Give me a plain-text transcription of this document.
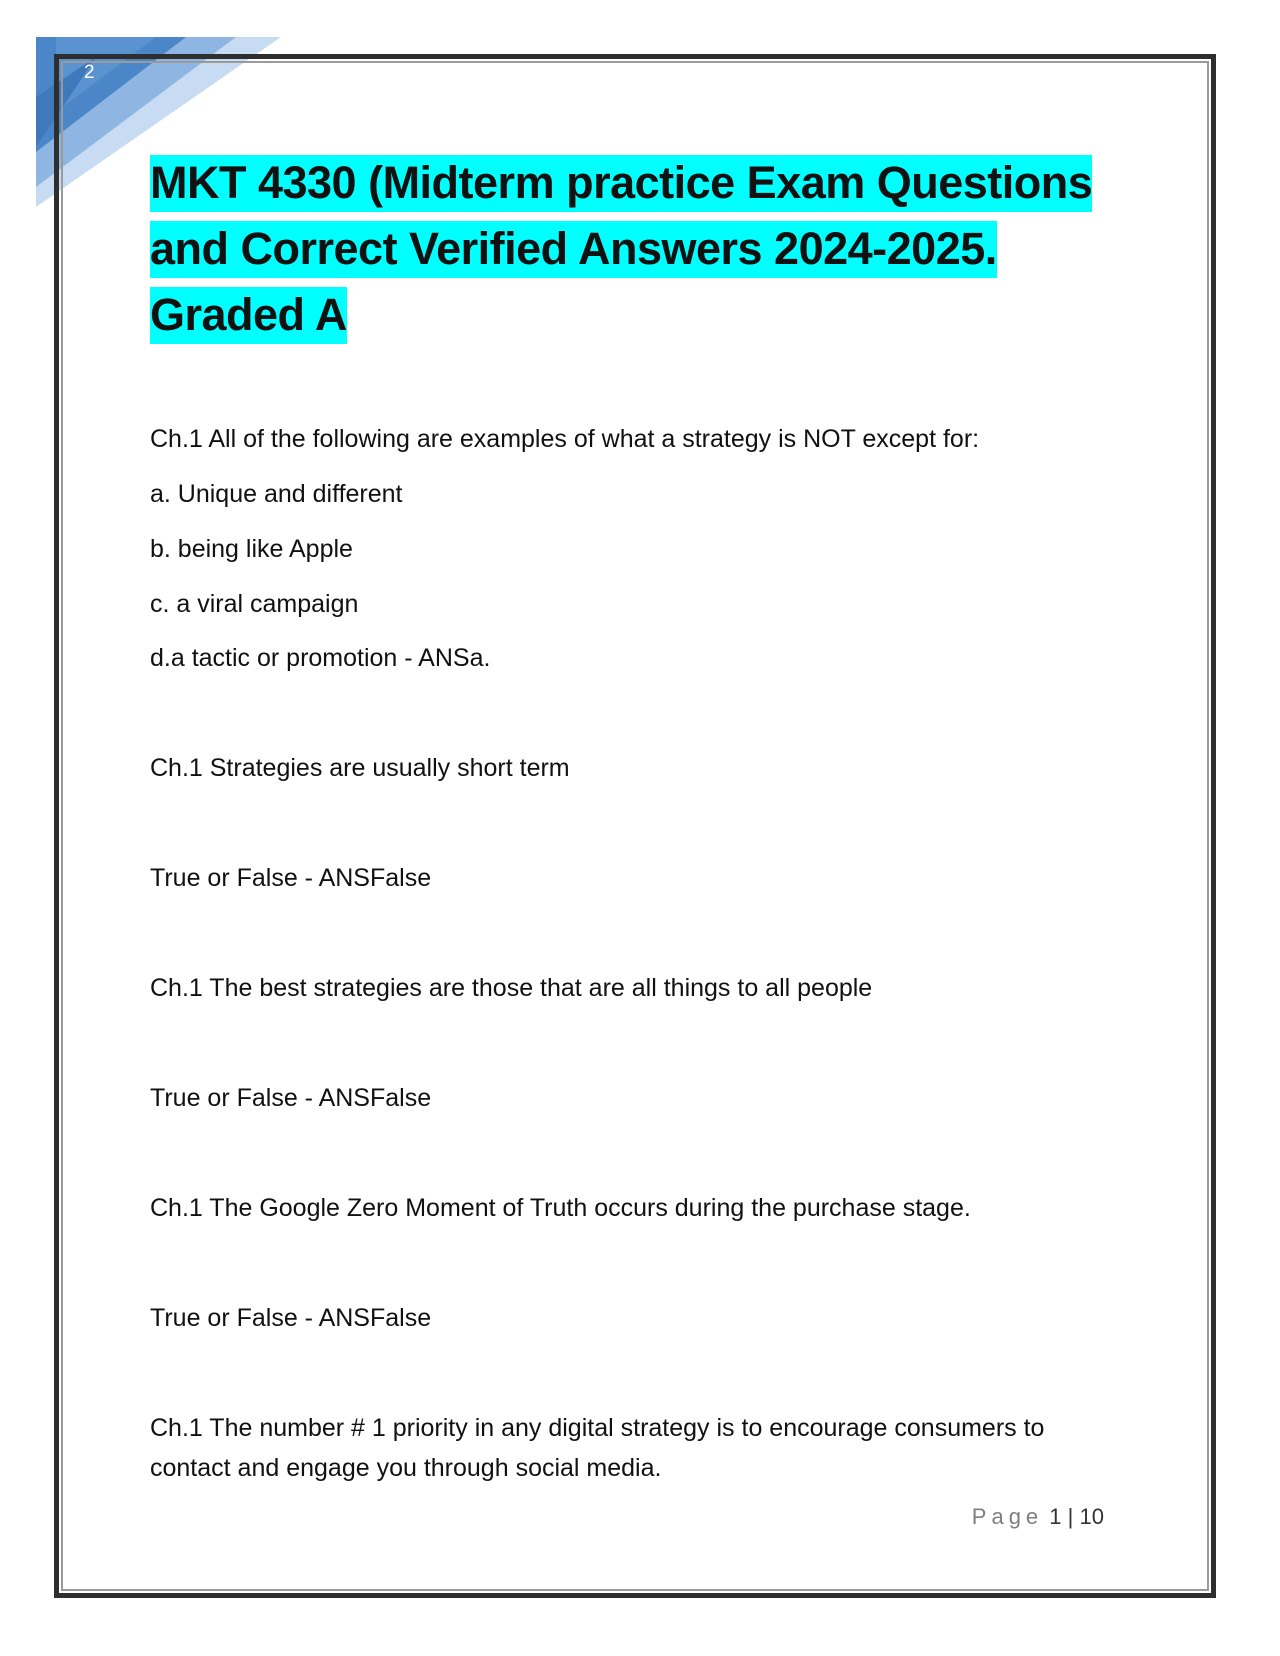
2
MKT 4330 (Midterm practice Exam Questions and Correct Verified Answers 2024-2025. Graded A
Ch.1 All of the following are examples of what a strategy is NOT except for:
a. Unique and different
b. being like Apple
c. a viral campaign
d.a tactic or promotion - ANSa.
Ch.1 Strategies are usually short term
True or False - ANSFalse
Ch.1 The best strategies are those that are all things to all people
True or False - ANSFalse
Ch.1 The Google Zero Moment of Truth occurs during the purchase stage.
True or False - ANSFalse
Ch.1 The number # 1 priority in any digital strategy is to encourage consumers to contact and engage you through social media.
Page 1 | 10
